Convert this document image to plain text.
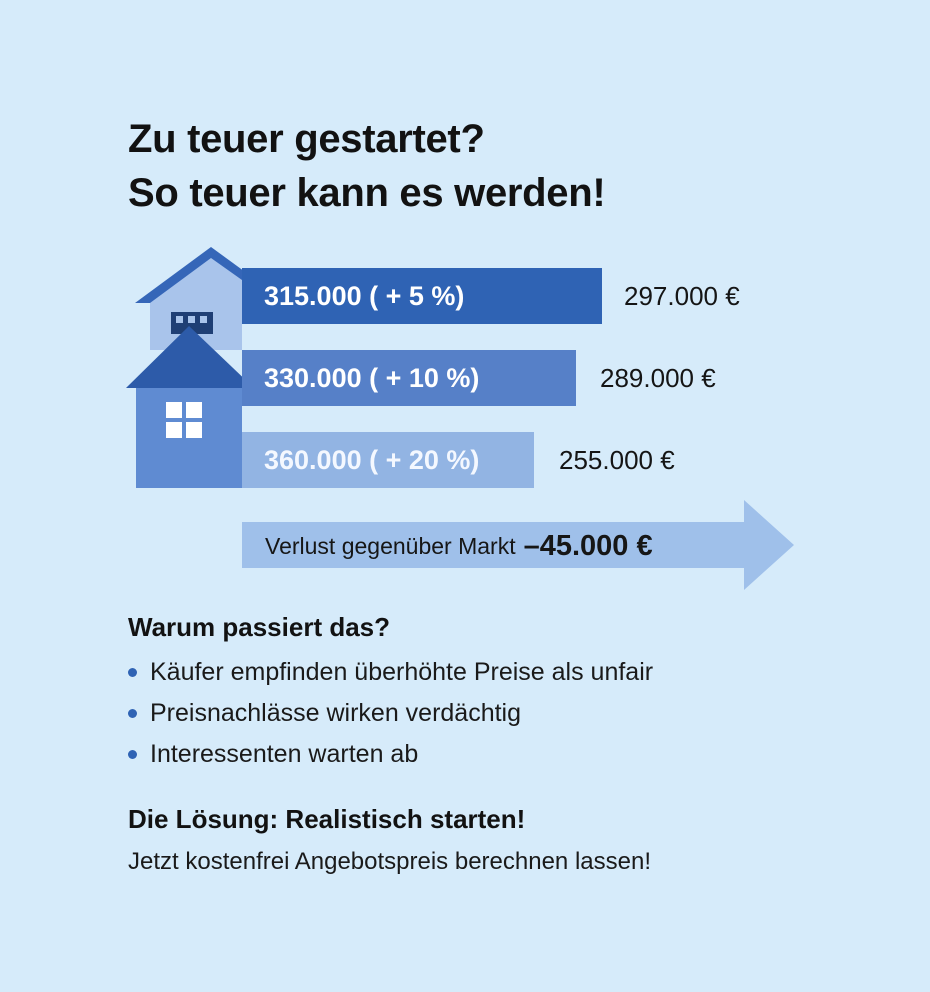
Zu teuer gestartet?
So teuer kann es werden!
315.000 ( + 5 %)	297.000 €
330.000 ( + 10 %)	289.000 €
360.000 ( + 20 %)	255.000 €
Verlust gegenüber Markt –45.000 €
Warum passiert das?
Käufer empfinden überhöhte Preise als unfair
Preisnachlässe wirken verdächtig
Interessenten warten ab
Die Lösung: Realistisch starten!

Jetzt kostenfrei Angebotspreis berechnen lassen!
